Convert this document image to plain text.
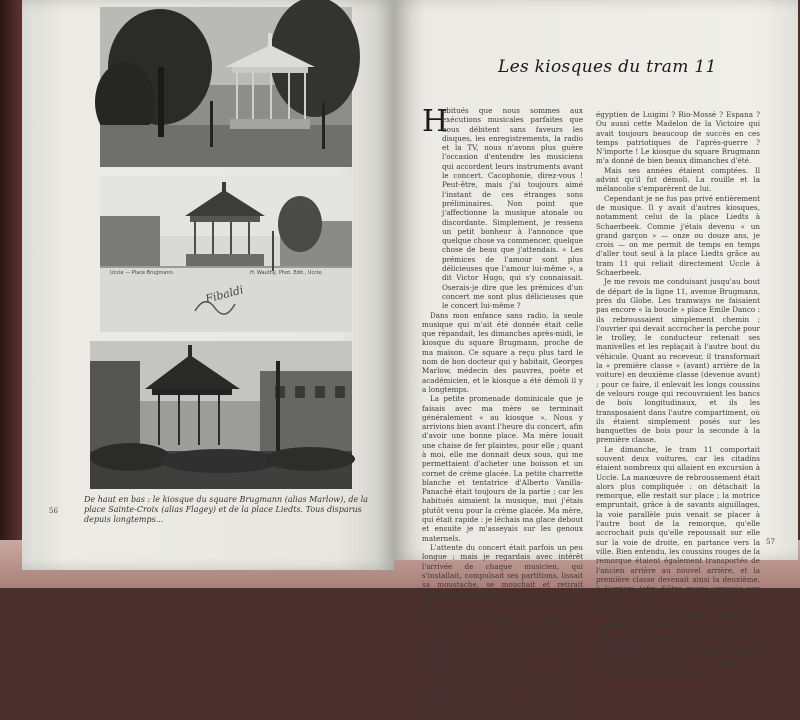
Uccle — Place Brugmann.	H. Wauthy, Phot. Edit., Uccle.
Fibaldi
De haut en bas : le kiosque du square Brugmann (alias Marlow), de la place Sainte-Croix (alias Flagey) et de la place Liedts. Tous disparus depuis longtemps...
56
Les kiosques du tram 11
H

abitués que nous sommes aux exécutions musicales parfaites que nous débitent sans faveurs les disques, les enregistrements, la radio et la TV, nous n'avons plus guère l'occasion d'entendre les musiciens qui accordent leurs instruments avant le concert. Cacophonie, direz-vous ! Peut-être, mais j'ai toujours aimé l'instant de ces étranges sons préliminaires. Non point que j'affectionne la musique atonale ou discordante. Simplement, je ressens un petit bonheur à l'annonce que quelque chose va commencer, quelque chose de beau que j'attendais. « Les prémices de l'amour sont plus délicieuses que l'amour lui-même », a dit Victor Hugo, qui s'y connaissait. Oserais-je dire que les prémices d'un concert me sont plus délicieuses que le concert lui-même ?

Dans mon enfance sans radio, la seule musique qui m'ait été donnée était celle que répandait, les dimanches après-midi, le kiosque du square Brugmann, proche de ma maison. Ce square a reçu plus tard le nom de bon docteur qui y habitait, Georges Marlow, médecin des pauvres, poète et académicien, et le kiosque a été démoli il y a longtemps.

La petite promenade dominicale que je faisais avec ma mère se terminait généralement « au kiosque ». Nous y arrivions bien avant l'heure du concert, afin d'avoir une bonne place. Ma mère louait une chaise de fer plaintes, pour elle ; quant à moi, elle me donnait deux sous, qui me permettaient d'acheter une boisson et un cornet de crème glacée. La petite charrette blanche et tentatrice d'Alberto Vanilla-Panaché était toujours de la partie ; car les habitués aimaient la musique, moi j'étais plutôt venu pour la crème glacée. Ma mère, qui était rapide : je léchais ma glace debout et ensuite je m'asseyais sur les genoux maternels.

L'attente du concert était parfois un peu longue ; mais je regardais avec intérêt l'arrivée de chaque musicien, qui s'installait, compulsait ses partitions, lissait sa moustache, se mouchait et retirait précautionneusement d'un étui le violon, la flûte ou la hautbois prometteurs d'enchantements.

Lorsque les archets se mettaient à chercher le la et à fignoler leur gamme, c'était pour moi le grand moment ; mon cœur battait plus vite : d'un instant à l'autre, j'allais être emporté par le charme bébêtement plaisant.

Quels étaient mes morceaux favoris ? Je n'en sais plus rien. Pour être la grande valse du Faust de Gounod ! L'ouverture de L'Italienne à Alger de Rossini ? La marche d'Aïda ? La Sérénade de Toselli ? Le Ballet

égyptien de Luigini ? Rio-Mossé ? Espana ? Ou aussi cette Madelon de la Victoire qui avait toujours beaucoup de succès en ces temps patriotiques de l'après-guerre ? N'importe ! Le kiosque du square Brugmann m'a donné de bien beaux dimanches d'été.

Mais ses années étaient comptées. Il advint qu'il fut démoli. La rouille et la mélancolie s'emparèrent de lui.

Cependant je ne fus pas privé entièrement de musique. Il y avait d'autres kiosques, notamment celui de la place Liedts à Schaerbeek. Comme j'étais devenu « un grand garçon » — onze ou douze ans, je crois — on me permit de temps en temps d'aller tout seul à la place Liedts grâce au tram 11 qui reliait directement Uccle à Schaerbeek.

Je me revois me conduisant jusqu'au bout de départ de la ligne 11, avenue Brugmann, près du Globe. Les tramways ne faisaient pas encore « la boucle » place Emile Danco : ils rebroussaient simplement chemin ; l'ouvrier qui devait accrocher la perche pour le trolley, le conducteur retenait ses manivelles et les replaçait à l'autre bout du véhicule. Quant au receveur, il transformait la « première classe » (avant) arrière de la voiture) en deuxième classe (devenue avant) : pour ce faire, il enlevait les longs coussins de velours rouge qui recouvraient les bancs de bois longitudinaux, et ils les transposaient dans l'autre compartiment, où ils étaient simplement posés sur les banquettes de bois pour la seconde à la première classe.

Le dimanche, le tram 11 comportait souvent deux voitures, car les citadins étaient nombreux qui allaient en excursion à Uccle. La manœuvre de rebroussement était alors plus compliquée : on détachait la remorque, elle restait sur place ; la motrice empruntait, grâce à de savants aiguillages, la voie parallèle puis venait se placer à l'autre bout de la remorque, qu'elle accrochait puis qu'elle repoussait sur elle sur la voie de droite, en partance vers la ville. Bien entendu, les coussins rouges de la remorque étaient également transportés de l'ancien arrière au nouvel arrière, et la première classe devenait ainsi la deuxième, à l'arrière (afin d'être moins exposée aux coups de vent et, en cas de collision ou de rupture de frein).

Quant aux remorques deux « baldaquins ouvertes », utilisées seulement durant les fortes chaleurs, elles ne possédaient aucun coussin ; cependant, les sièges de bois unis et tabloïdés de la voiture étaient désignés comme « première classe » et coûtaient ce qu'elles et des centimes de plus.

57
